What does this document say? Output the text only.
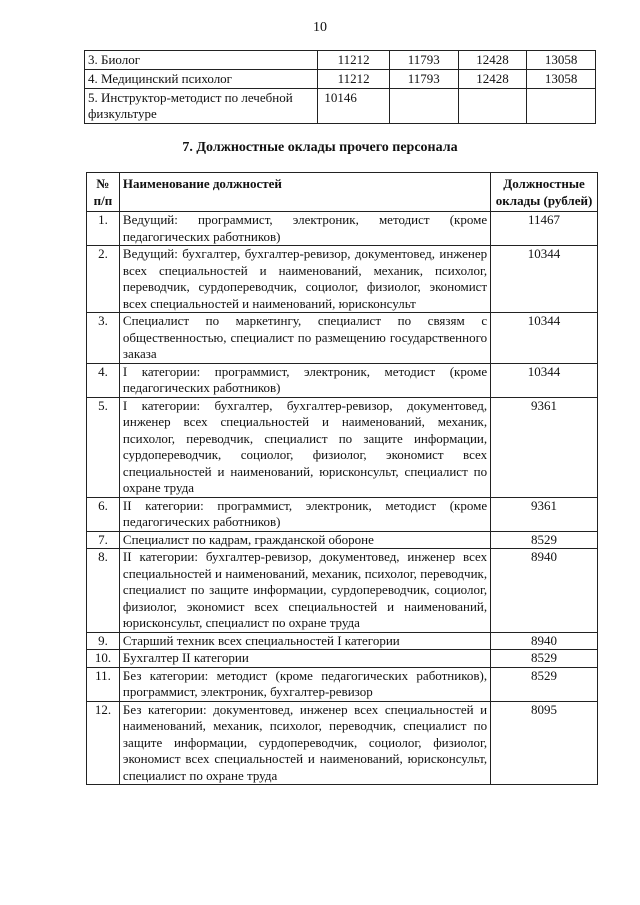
10
3. Биолог	11212	11793	12428	13058
4. Медицинский психолог	11212	11793	12428	13058
5. Инструктор-методист по лечебной физкультуре	10146			
7. Должностные оклады прочего персонала
№ п/п	Наименование должностей	Должностные оклады (рублей)
1.	Ведущий: программист, электроник, методист (кроме педагогических работников)	11467
2.	Ведущий: бухгалтер, бухгалтер-ревизор, документовед, инженер всех специальностей и наименований, механик, психолог, переводчик, сурдопереводчик, социолог, физиолог, экономист всех специальностей и наименований, юрисконсульт	10344
3.	Специалист по маркетингу, специалист по связям с общественностью, специалист по размещению государственного заказа	10344
4.	I категории: программист, электроник, методист (кроме педагогических работников)	10344
5.	I категории: бухгалтер, бухгалтер-ревизор, документовед, инженер всех специальностей и наименований, механик, психолог, переводчик, специалист по защите информации, сурдопереводчик, социолог, физиолог, экономист всех специальностей и наименований, юрисконсульт, специалист по охране труда	9361
6.	II категории: программист, электроник, методист (кроме педагогических работников)	9361
7.	Специалист по кадрам, гражданской обороне	8529
8.	II категории: бухгалтер-ревизор, документовед, инженер всех специальностей и наименований, механик, психолог, переводчик, специалист по защите информации, сурдопереводчик, социолог, физиолог, экономист всех специальностей и наименований, юрисконсульт, специалист по охране труда	8940
9.	Старший техник всех специальностей I категории	8940
10.	Бухгалтер II категории	8529
11.	Без категории: методист (кроме педагогических работников), программист, электроник, бухгалтер-ревизор	8529
12.	Без категории: документовед, инженер всех специальностей и наименований, механик, психолог, переводчик, специалист по защите информации, сурдопереводчик, социолог, физиолог, экономист всех специальностей и наименований, юрисконсульт, специалист по охране труда	8095
